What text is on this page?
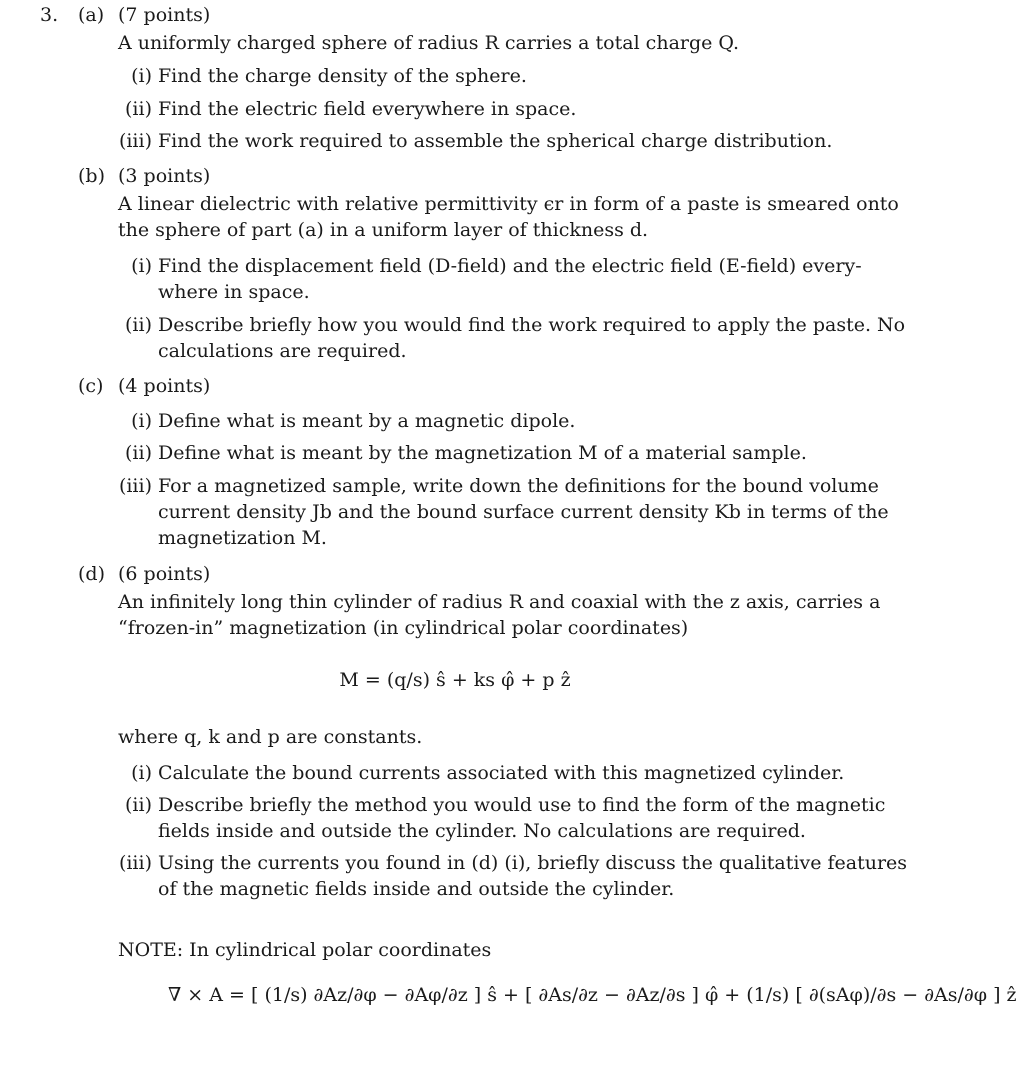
3. (a) (7 points)
A uniformly charged sphere of radius R carries a total charge Q.
(i) Find the charge density of the sphere.
(ii) Find the electric field everywhere in space.
(iii) Find the work required to assemble the spherical charge distribution.
(b) (3 points)
A linear dielectric with relative permittivity ϵr in form of a paste is smeared onto
the sphere of part (a) in a uniform layer of thickness d.
(i) Find the displacement field (D-field) and the electric field (E-field) every-
where in space.
(ii) Describe briefly how you would find the work required to apply the paste. No
calculations are required.
(c) (4 points)
(i) Define what is meant by a magnetic dipole.
(ii) Define what is meant by the magnetization M of a material sample.
(iii) For a magnetized sample, write down the definitions for the bound volume
current density Jb and the bound surface current density Kb in terms of the
magnetization M.
(d) (6 points)
An infinitely long thin cylinder of radius R and coaxial with the z axis, carries a
“frozen-in” magnetization (in cylindrical polar coordinates)
M = (q/s) ŝ + ks φ̂ + p ẑ
where q, k and p are constants.
(i) Calculate the bound currents associated with this magnetized cylinder.
(ii) Describe briefly the method you would use to find the form of the magnetic
fields inside and outside the cylinder. No calculations are required.
(iii) Using the currents you found in (d) (i), briefly discuss the qualitative features
of the magnetic fields inside and outside the cylinder.
NOTE: In cylindrical polar coordinates
∇ × A = [ (1/s) ∂Az/∂φ − ∂Aφ/∂z ] ŝ + [ ∂As/∂z − ∂Az/∂s ] φ̂ + (1/s) [ ∂(sAφ)/∂s − ∂As/∂φ ] ẑ
